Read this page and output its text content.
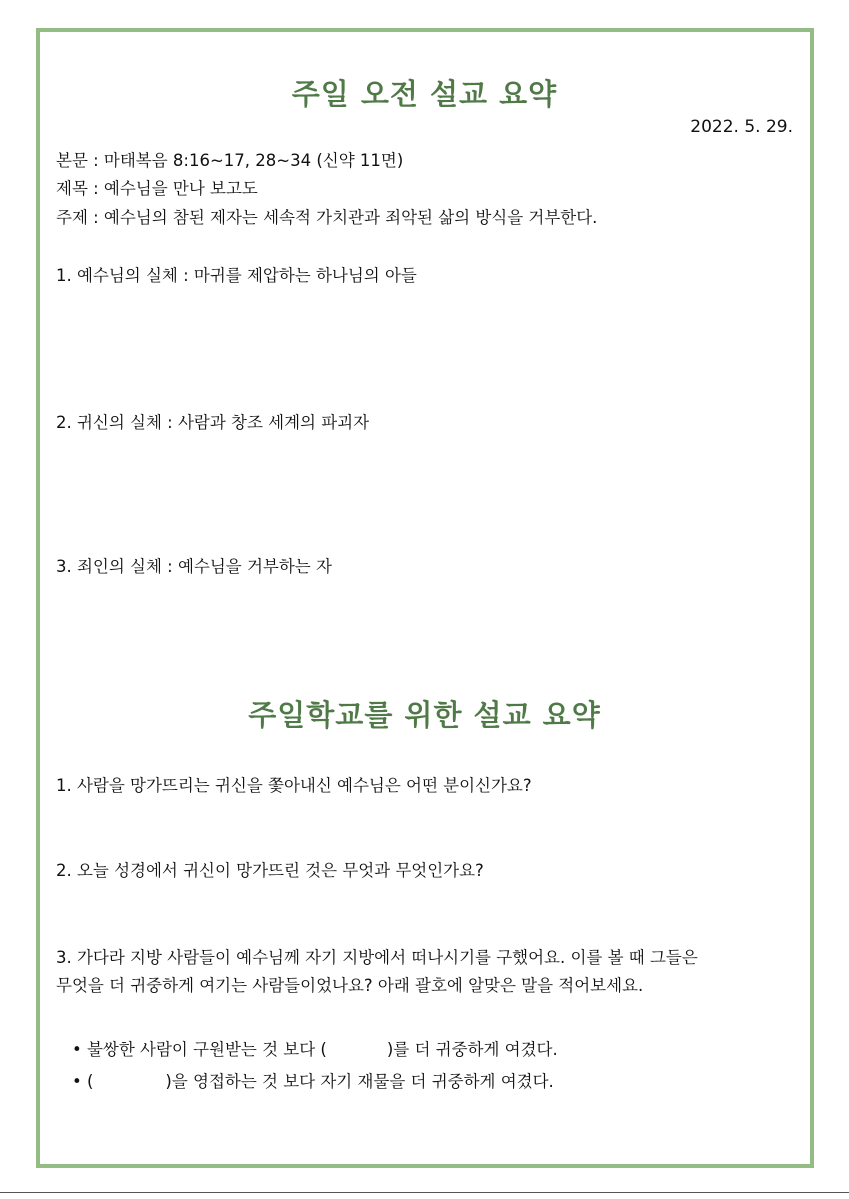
주일 오전 설교 요약
2022. 5. 29.
본문 : 마태복음 8:16~17, 28~34 (신약 11면)
제목 : 예수님을 만나 보고도
주제 : 예수님의 참된 제자는 세속적 가치관과 죄악된 삶의 방식을 거부한다.
1. 예수님의 실체 : 마귀를 제압하는 하나님의 아들
2. 귀신의 실체 : 사람과 창조 세계의 파괴자
3. 죄인의 실체 : 예수님을 거부하는 자
주일학교를 위한 설교 요약
1. 사람을 망가뜨리는 귀신을 쫓아내신 예수님은 어떤 분이신가요?
2. 오늘 성경에서 귀신이 망가뜨린 것은 무엇과 무엇인가요?
3. 가다라 지방 사람들이 예수님께 자기 지방에서 떠나시기를 구했어요. 이를 볼 때 그들은
무엇을 더 귀중하게 여기는 사람들이었나요? 아래 괄호에 알맞은 말을 적어보세요.
• 불쌍한 사람이 구원받는 것 보다 (	)를 더 귀중하게 여겼다.
• (	)을 영접하는 것 보다 자기 재물을 더 귀중하게 여겼다.
